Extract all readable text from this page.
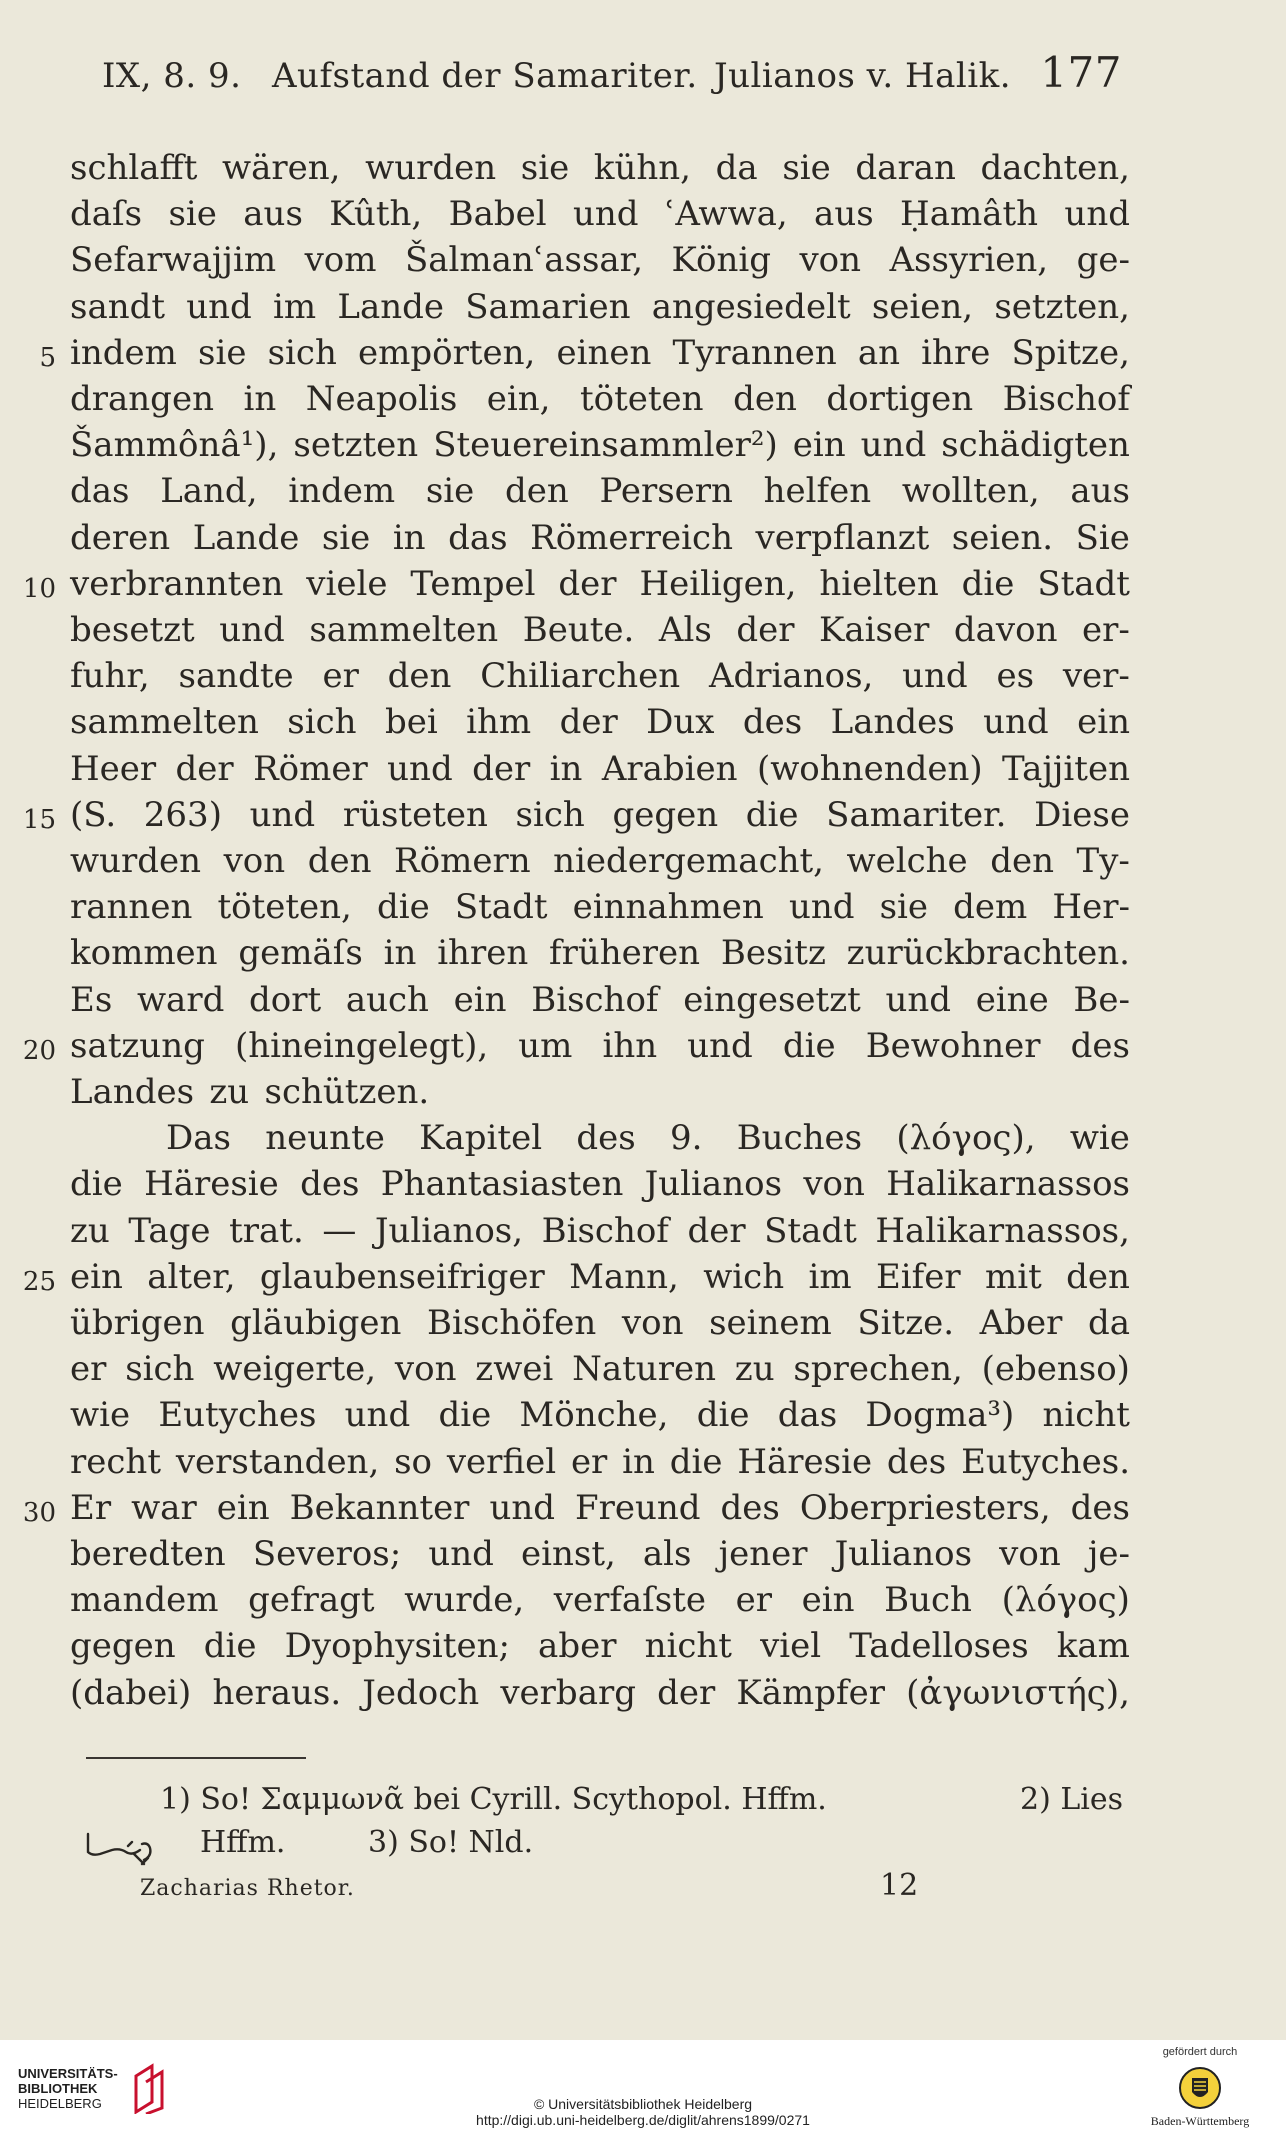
IX, 8. 9. Aufstand der Samariter. Julianos v. Halik. 177
schlafft wären, wurden sie kühn, da sie daran dachten,
daſs sie aus Kûth, Babel und ʿAwwa, aus Ḥamâth und
Sefarwajjim vom Šalmanʿassar, König von Assyrien, ge-
sandt und im Lande Samarien angesiedelt seien, setzten,
5 indem sie sich empörten, einen Tyrannen an ihre Spitze,
drangen in Neapolis ein, töteten den dortigen Bischof
Šammônâ¹), setzten Steuereinsammler²) ein und schädigten
das Land, indem sie den Persern helfen wollten, aus
deren Lande sie in das Römerreich verpflanzt seien. Sie
10 verbrannten viele Tempel der Heiligen, hielten die Stadt
besetzt und sammelten Beute. Als der Kaiser davon er-
fuhr, sandte er den Chiliarchen Adrianos, und es ver-
sammelten sich bei ihm der Dux des Landes und ein
Heer der Römer und der in Arabien (wohnenden) Tajjiten
15 (S. 263) und rüsteten sich gegen die Samariter. Diese
wurden von den Römern niedergemacht, welche den Ty-
rannen töteten, die Stadt einnahmen und sie dem Her-
kommen gemäſs in ihren früheren Besitz zurückbrachten.
Es ward dort auch ein Bischof eingesetzt und eine Be-
20 satzung (hineingelegt), um ihn und die Bewohner des
Landes zu schützen.
Das neunte Kapitel des 9. Buches (λόγος), wie
die Häresie des Phantasiasten Julianos von Halikarnassos
zu Tage trat. — Julianos, Bischof der Stadt Halikarnassos,
25 ein alter, glaubenseifriger Mann, wich im Eifer mit den
übrigen gläubigen Bischöfen von seinem Sitze. Aber da
er sich weigerte, von zwei Naturen zu sprechen, (ebenso)
wie Eutyches und die Mönche, die das Dogma³) nicht
recht verstanden, so verfiel er in die Häresie des Eutyches.
30 Er war ein Bekannter und Freund des Oberpriesters, des
beredten Severos; und einst, als jener Julianos von je-
mandem gefragt wurde, verfaſste er ein Buch (λόγος)
gegen die Dyophysiten; aber nicht viel Tadelloses kam
(dabei) heraus. Jedoch verbarg der Kämpfer (ἀγωνιστής),
1) So! Σαμμωνᾶ bei Cyrill. Scythopol. Hffm.	2) Lies
Hffm.	3) So! Nld.
Zacharias Rhetor.	12
UNIVERSITÄTS-
BIBLIOTHEK
HEIDELBERG	© Universitätsbibliothek Heidelberg
http://digi.ub.uni-heidelberg.de/diglit/ahrens1899/0271
gefördert durch
Baden-Württemberg
